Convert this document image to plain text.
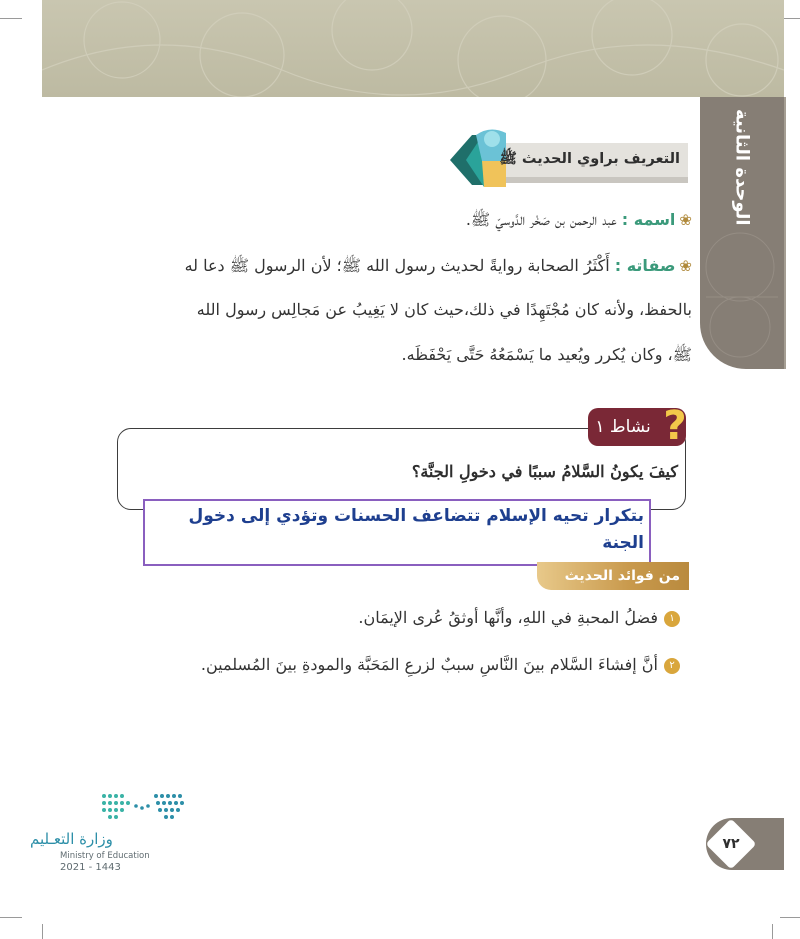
الوحدة الثانية
التعريف براوي الحديث ﷺ
❀اسمه : عبد الرحمن بن صَخْر الدَّوسيّ ﷺ.
❀صفاته : أَكْثَرُ الصحابة روايةً لحديث رسول الله ﷺ؛ لأن الرسول ﷺ دعا له
بالحفظ، ولأنه كان مُجْتَهِدًا في ذلك،حيث كان لا يَغِيبُ عن مَجالِس رسول الله
ﷺ، وكان يُكرر ويُعيد ما يَسْمَعُهُ حَتَّى يَحْفَظَه.
نشاط ١ ?
كيفَ يكونُ السَّلامُ سببًا في دخولِ الجنَّة؟
بتكرار تحيه الإسلام تتضاعف الحسنات وتؤدي إلى دخول الجنة
من فوائد الحديث
١فضلُ المحبةِ في اللهِ، وأنَّها أوثقُ عُرى الإيمَان.
٢أنَّ إفشاءَ السَّلام بينَ النَّاسِ سببٌ لزرعِ المَحَبَّة والمودةِ بينَ المُسلمين.
وزارة التعـليم
Ministry of Education
2021 - 1443
٧٢
